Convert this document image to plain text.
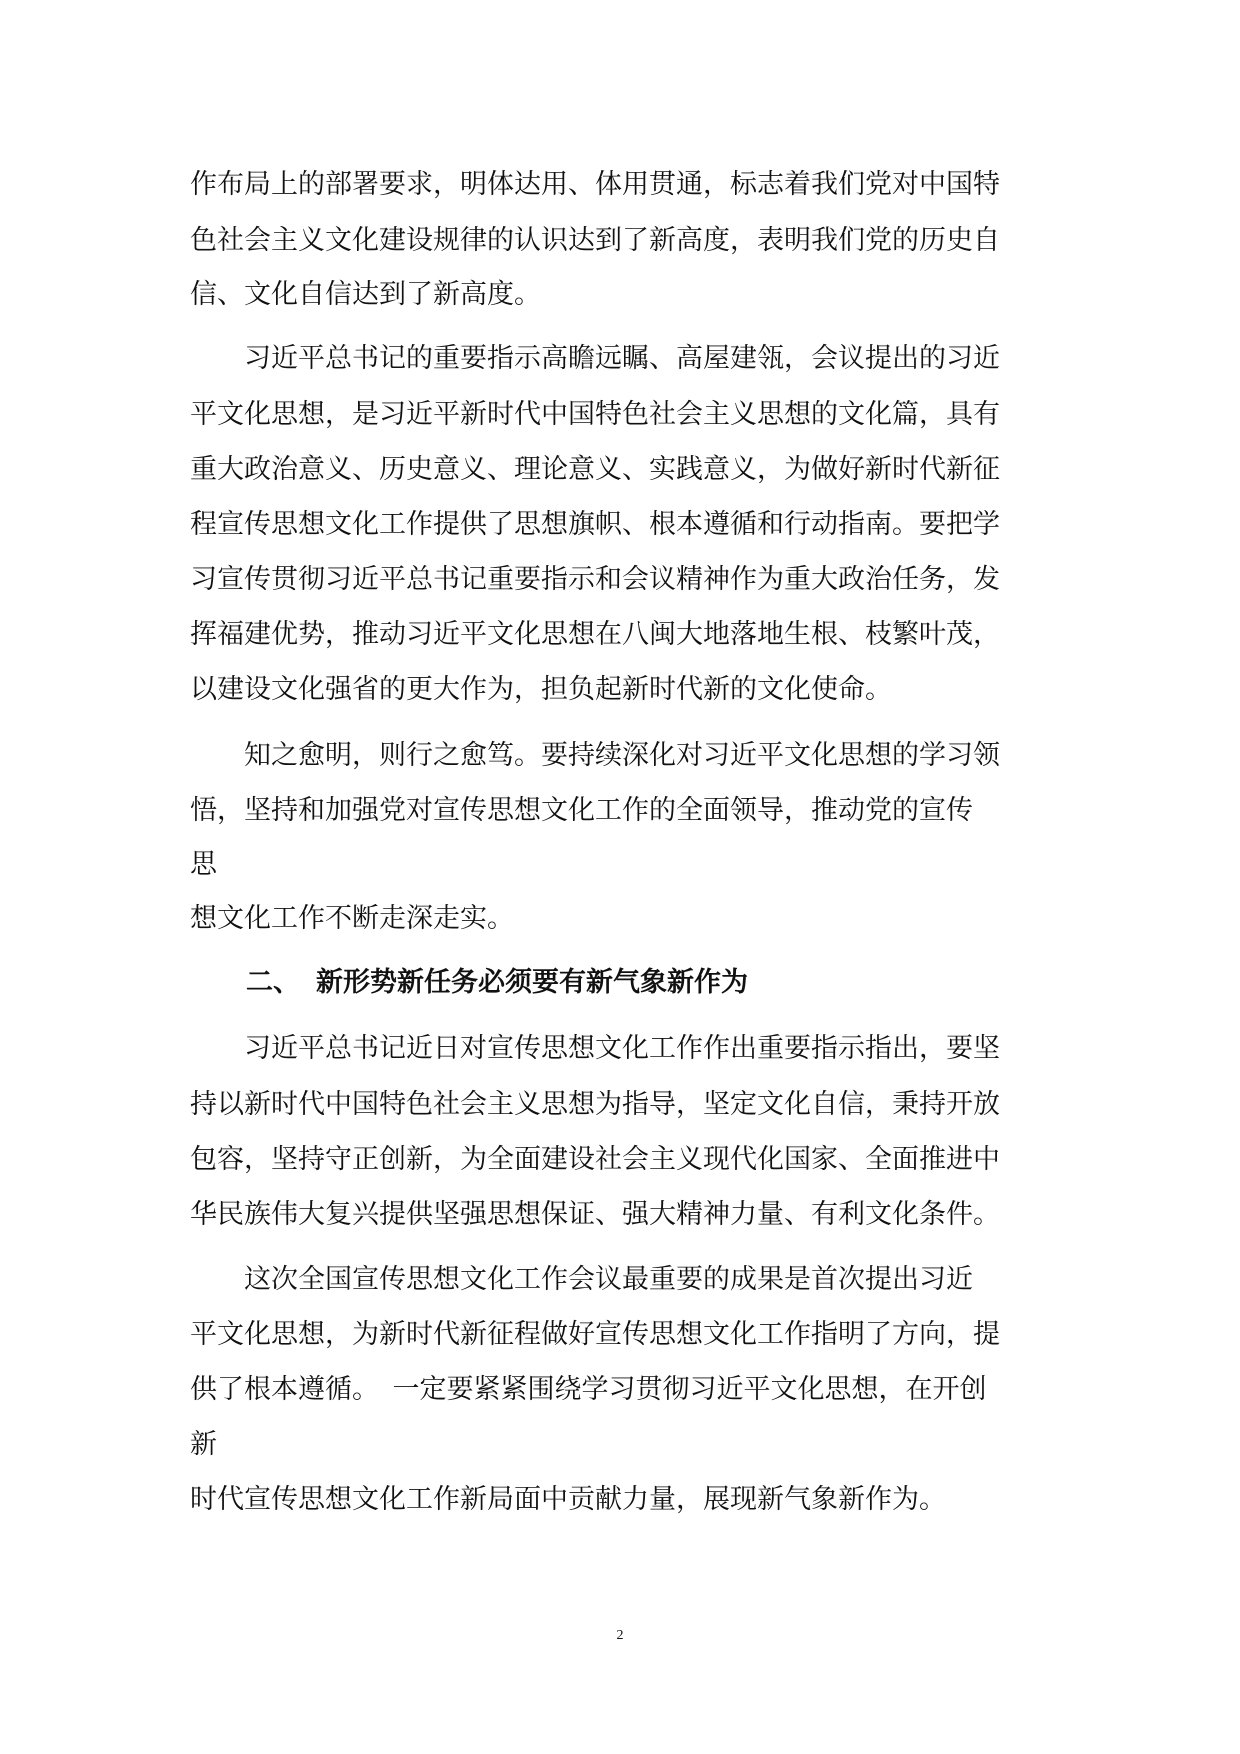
作布局上的部署要求，明体达用、体用贯通，标志着我们党对中国特
色社会主义文化建设规律的认识达到了新高度，表明我们党的历史自
信、文化自信达到了新高度。
　　习近平总书记的重要指示高瞻远瞩、高屋建瓴，会议提出的习近
平文化思想，是习近平新时代中国特色社会主义思想的文化篇，具有
重大政治意义、历史意义、理论意义、实践意义，为做好新时代新征
程宣传思想文化工作提供了思想旗帜、根本遵循和行动指南。要把学
习宣传贯彻习近平总书记重要指示和会议精神作为重大政治任务，发
挥福建优势，推动习近平文化思想在八闽大地落地生根、枝繁叶茂，
以建设文化强省的更大作为，担负起新时代新的文化使命。
　　知之愈明，则行之愈笃。要持续深化对习近平文化思想的学习领
悟，坚持和加强党对宣传思想文化工作的全面领导，推动党的宣传
思
想文化工作不断走深走实。
二、 新形势新任务必须要有新气象新作为
　　习近平总书记近日对宣传思想文化工作作出重要指示指出，要坚
持以新时代中国特色社会主义思想为指导，坚定文化自信，秉持开放
包容，坚持守正创新，为全面建设社会主义现代化国家、全面推进中
华民族伟大复兴提供坚强思想保证、强大精神力量、有利文化条件。
　　这次全国宣传思想文化工作会议最重要的成果是首次提出习近
平文化思想，为新时代新征程做好宣传思想文化工作指明了方向，提
供了根本遵循。　一定要紧紧围绕学习贯彻习近平文化思想，在开创
新
时代宣传思想文化工作新局面中贡献力量，展现新气象新作为。
2
